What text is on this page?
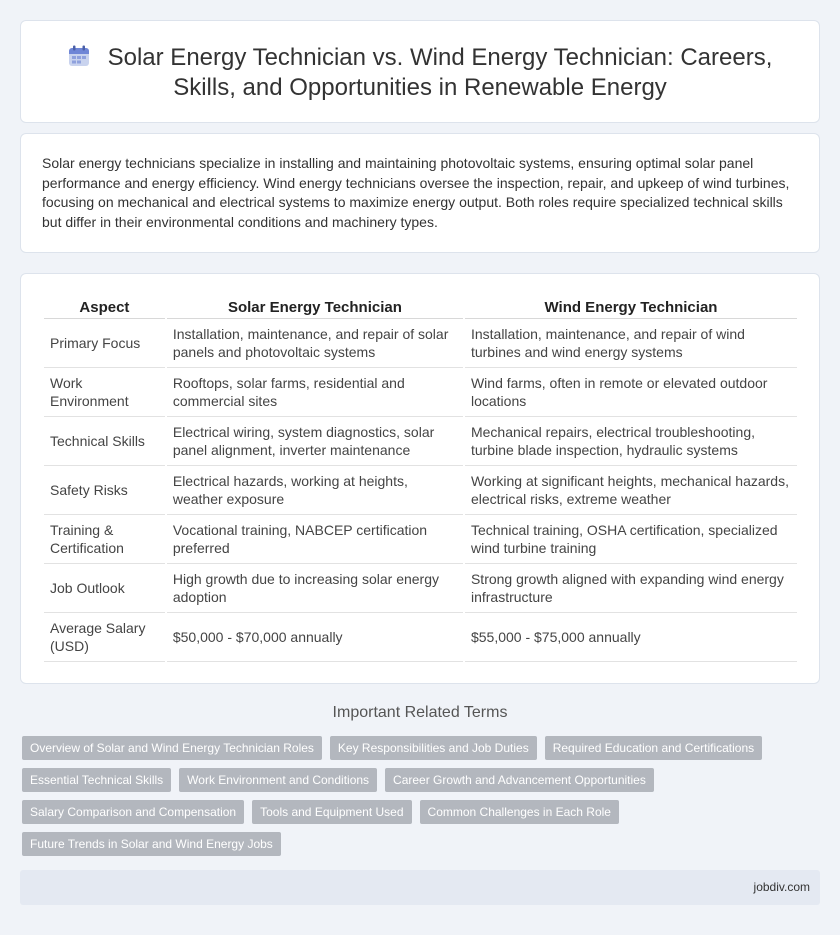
Solar Energy Technician vs. Wind Energy Technician: Careers, Skills, and Opportunities in Renewable Energy

Solar energy technicians specialize in installing and maintaining photovoltaic systems, ensuring optimal solar panel performance and energy efficiency. Wind energy technicians oversee the inspection, repair, and upkeep of wind turbines, focusing on mechanical and electrical systems to maximize energy output. Both roles require specialized technical skills but differ in their environmental conditions and machinery types.

Aspect	Solar Energy Technician	Wind Energy Technician
Primary Focus	Installation, maintenance, and repair of solar panels and photovoltaic systems	Installation, maintenance, and repair of wind turbines and wind energy systems
Work Environment	Rooftops, solar farms, residential and commercial sites	Wind farms, often in remote or elevated outdoor locations
Technical Skills	Electrical wiring, system diagnostics, solar panel alignment, inverter maintenance	Mechanical repairs, electrical troubleshooting, turbine blade inspection, hydraulic systems
Safety Risks	Electrical hazards, working at heights, weather exposure	Working at significant heights, mechanical hazards, electrical risks, extreme weather
Training & Certification	Vocational training, NABCEP certification preferred	Technical training, OSHA certification, specialized wind turbine training
Job Outlook	High growth due to increasing solar energy adoption	Strong growth aligned with expanding wind energy infrastructure
Average Salary (USD)	$50,000 - $70,000 annually	$55,000 - $75,000 annually
Important Related Terms
Overview of Solar and Wind Energy Technician Roles	Key Responsibilities and Job Duties	Required Education and Certifications
Essential Technical Skills	Work Environment and Conditions	Career Growth and Advancement Opportunities
Salary Comparison and Compensation	Tools and Equipment Used	Common Challenges in Each Role
Future Trends in Solar and Wind Energy Jobs
jobdiv.com
